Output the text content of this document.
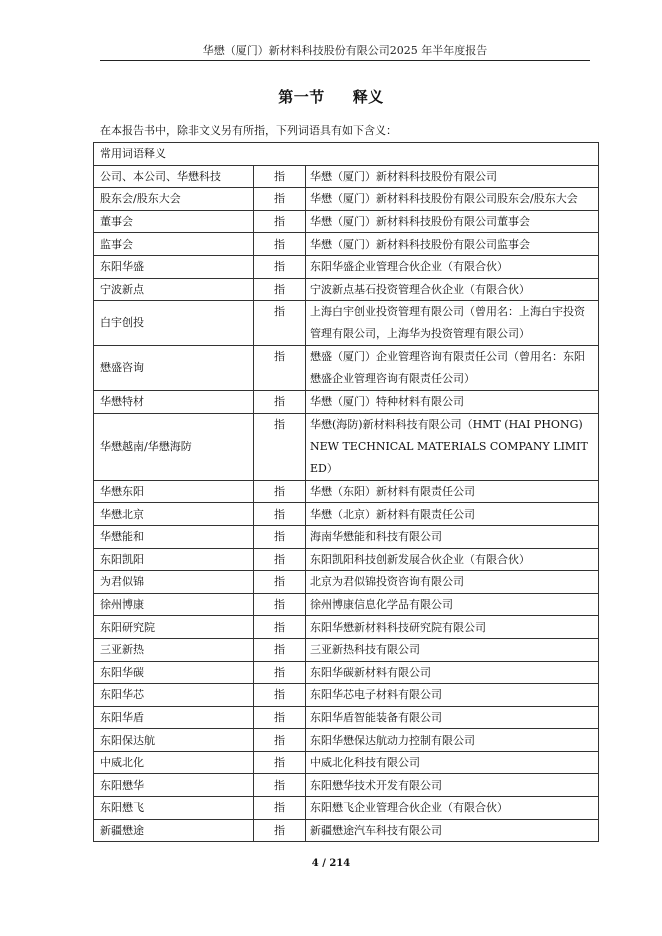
华懋（厦门）新材料科技股份有限公司2025 年半年度报告
第一节 释义
在本报告书中，除非文义另有所指，下列词语具有如下含义：
常用词语释义		
公司、本公司、华懋科技	指	华懋（厦门）新材料科技股份有限公司
股东会/股东大会	指	华懋（厦门）新材料科技股份有限公司股东会/股东大会
董事会	指	华懋（厦门）新材料科技股份有限公司董事会
监事会	指	华懋（厦门）新材料科技股份有限公司监事会
东阳华盛	指	东阳华盛企业管理合伙企业（有限合伙）
宁波新点	指	宁波新点基石投资管理合伙企业（有限合伙）
白宇创投	指	上海白宇创业投资管理有限公司（曾用名：上海白宇投资管理有限公司，上海华为投资管理有限公司）
懋盛咨询	指	懋盛（厦门）企业管理咨询有限责任公司（曾用名：东阳懋盛企业管理咨询有限责任公司）
华懋特材	指	华懋（厦门）特种材料有限公司
华懋越南/华懋海防	指	华懋(海防)新材料科技有限公司（HMT (HAI PHONG) NEW TECHNICAL MATERIALS COMPANY LIMITED）
华懋东阳	指	华懋（东阳）新材料有限责任公司
华懋北京	指	华懋（北京）新材料有限责任公司
华懋能和	指	海南华懋能和科技有限公司
东阳凯阳	指	东阳凯阳科技创新发展合伙企业（有限合伙）
为君似锦	指	北京为君似锦投资咨询有限公司
徐州博康	指	徐州博康信息化学品有限公司
东阳研究院	指	东阳华懋新材料科技研究院有限公司
三亚新热	指	三亚新热科技有限公司
东阳华碳	指	东阳华碳新材料有限公司
东阳华芯	指	东阳华芯电子材料有限公司
东阳华盾	指	东阳华盾智能装备有限公司
东阳保达航	指	东阳华懋保达航动力控制有限公司
中威北化	指	中威北化科技有限公司
东阳懋华	指	东阳懋华技术开发有限公司
东阳懋飞	指	东阳懋飞企业管理合伙企业（有限合伙）
新疆懋途	指	新疆懋途汽车科技有限公司
4 / 214
